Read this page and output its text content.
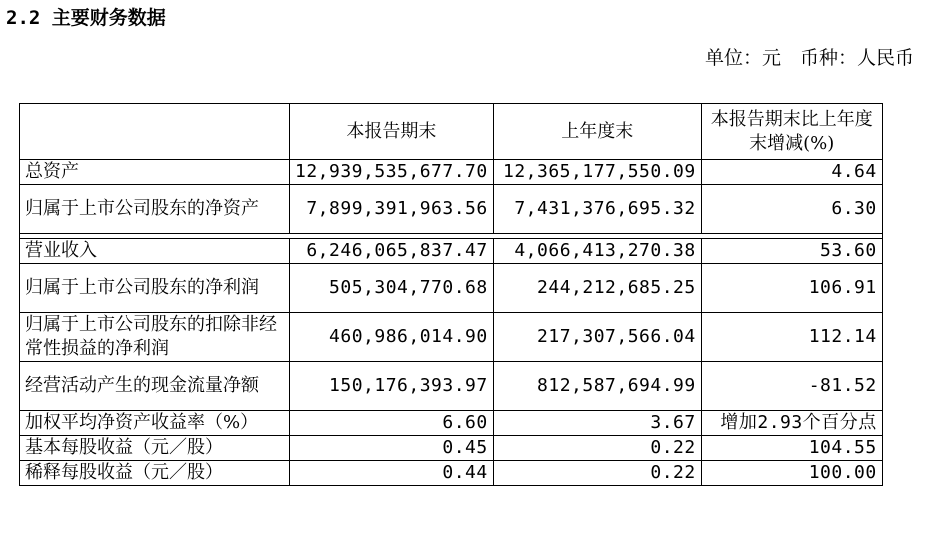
2.2 主要财务数据
单位：元　币种：人民币
	本报告期末	上年度末	本报告期末比上年度末增减(%)
总资产	12,939,535,677.70	12,365,177,550.09	4.64
归属于上市公司股东的净资产	7,899,391,963.56	7,431,376,695.32	6.30

营业收入	6,246,065,837.47	4,066,413,270.38	53.60
归属于上市公司股东的净利润	505,304,770.68	244,212,685.25	106.91
归属于上市公司股东的扣除非经常性损益的净利润	460,986,014.90	217,307,566.04	112.14
经营活动产生的现金流量净额	150,176,393.97	812,587,694.99	-81.52
加权平均净资产收益率（%）	6.60	3.67	增加2.93个百分点
基本每股收益（元／股）	0.45	0.22	104.55
稀释每股收益（元／股）	0.44	0.22	100.00
